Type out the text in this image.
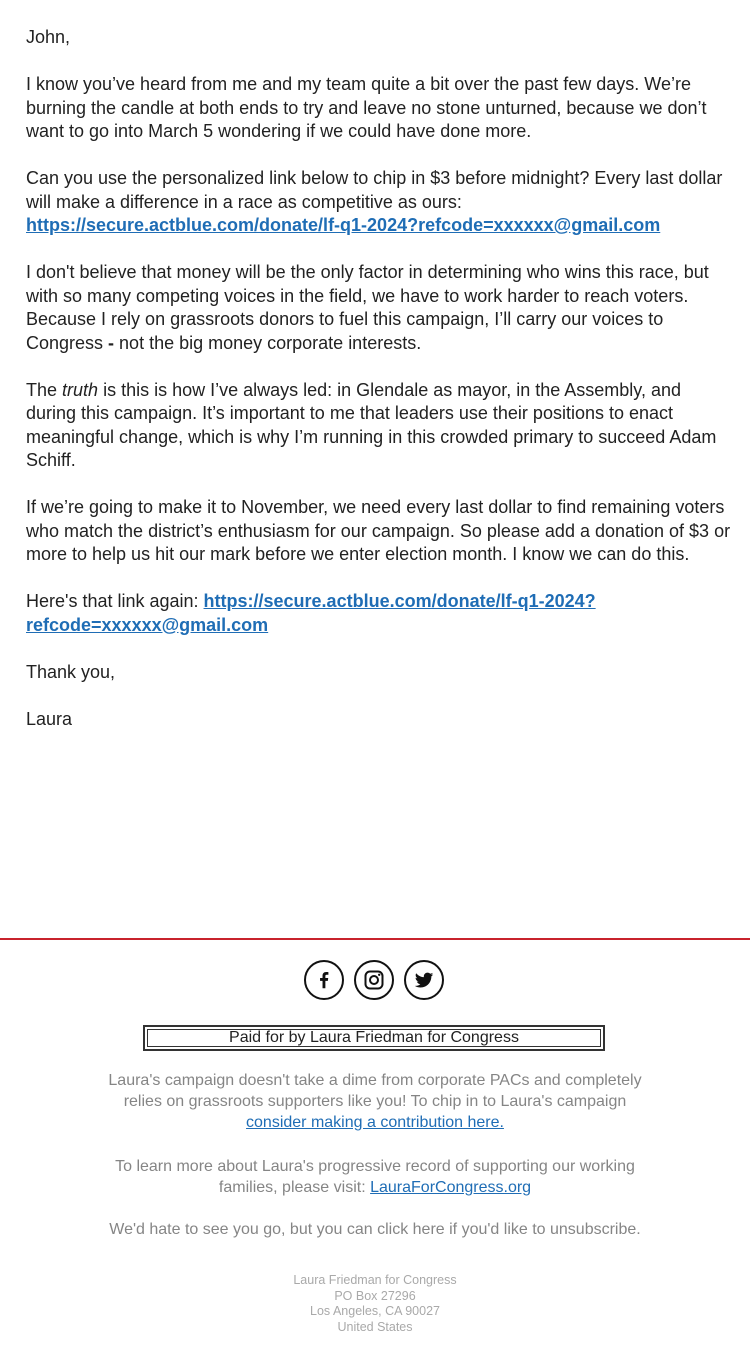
John,

I know you’ve heard from me and my team quite a bit over the past few days. We’re burning the candle at both ends to try and leave no stone unturned, because we don’t want to go into March 5 wondering if we could have done more.

Can you use the personalized link below to chip in $3 before midnight? Every last dollar will make a difference in a race as competitive as ours: https://secure.actblue.com/donate/lf-q1-2024?refcode=xxxxxx@gmail.com

I don't believe that money will be the only factor in determining who wins this race, but with so many competing voices in the field, we have to work harder to reach voters. Because I rely on grassroots donors to fuel this campaign, I’ll carry our voices to Congress - not the big money corporate interests.

The truth is this is how I’ve always led: in Glendale as mayor, in the Assembly, and during this campaign. It’s important to me that leaders use their positions to enact meaningful change, which is why I’m running in this crowded primary to succeed Adam Schiff.

If we’re going to make it to November, we need every last dollar to find remaining voters who match the district’s enthusiasm for our campaign. So please add a donation of $3 or more to help us hit our mark before we enter election month. I know we can do this.

Here's that link again: https://secure.actblue.com/donate/lf-q1-2024?refcode=xxxxxx@gmail.com

Thank you,

Laura

Paid for by Laura Friedman for Congress
Laura's campaign doesn't take a dime from corporate PACs and completely relies on grassroots supporters like you! To chip in to Laura's campaign
consider making a contribution here.
To learn more about Laura's progressive record of supporting our working families, please visit: LauraForCongress.org
We'd hate to see you go, but you can click here if you'd like to unsubscribe.
Laura Friedman for Congress
PO Box 27296
Los Angeles, CA 90027
United States
